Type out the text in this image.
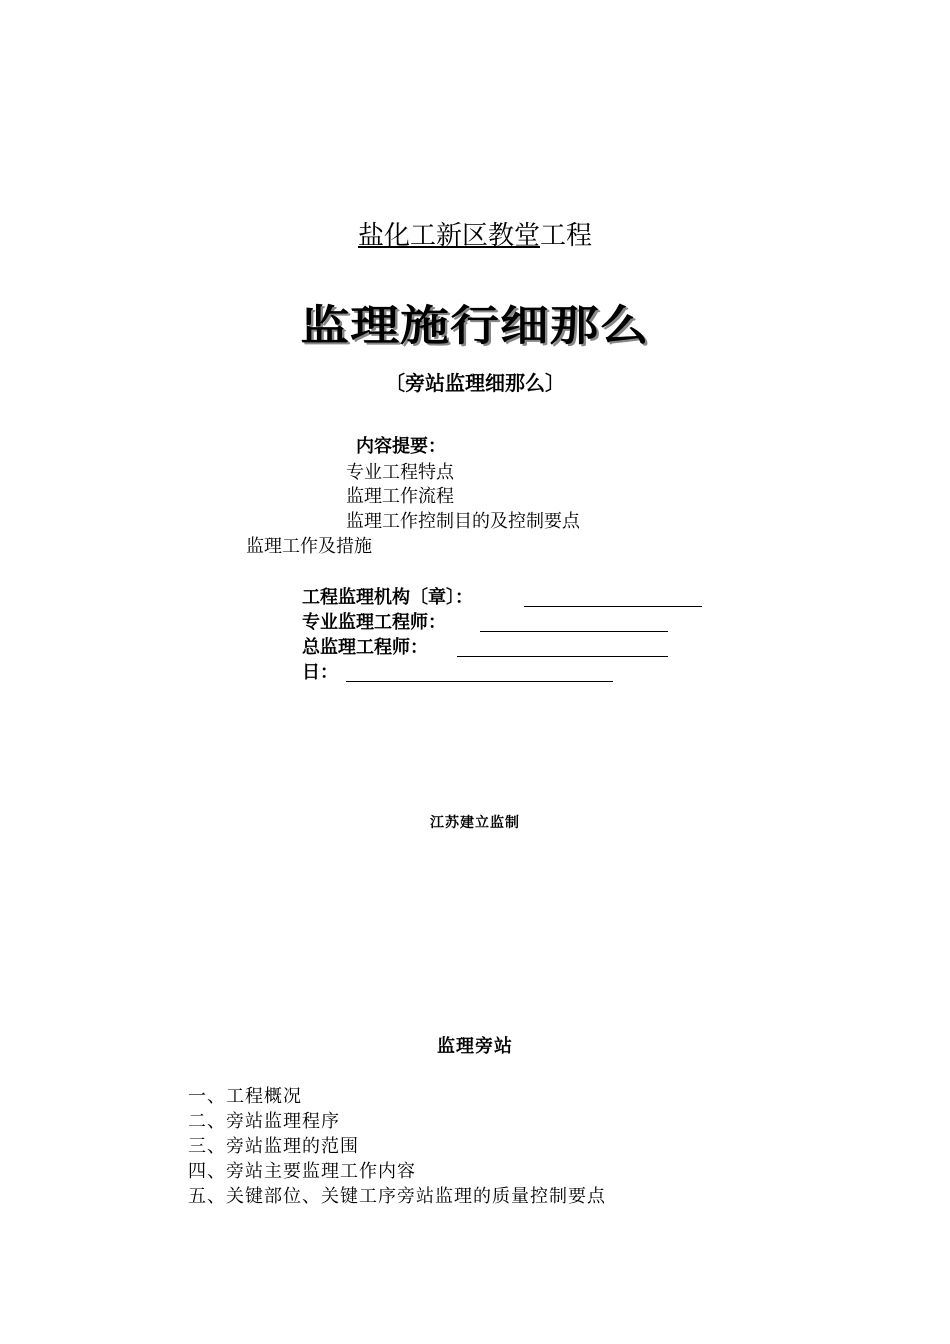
盐化工新区教堂工程
监理施行细那么
〔旁站监理细那么〕
内容提要：
专业工程特点
监理工作流程
监理工作控制目的及控制要点
监理工作及措施
工程监理机构〔章〕：
专业监理工程师：
总监理工程师：
日：
江苏建立监制
监理旁站
一、工程概况
二、旁站监理程序
三、旁站监理的范围
四、旁站主要监理工作内容
五、关键部位、关键工序旁站监理的质量控制要点
